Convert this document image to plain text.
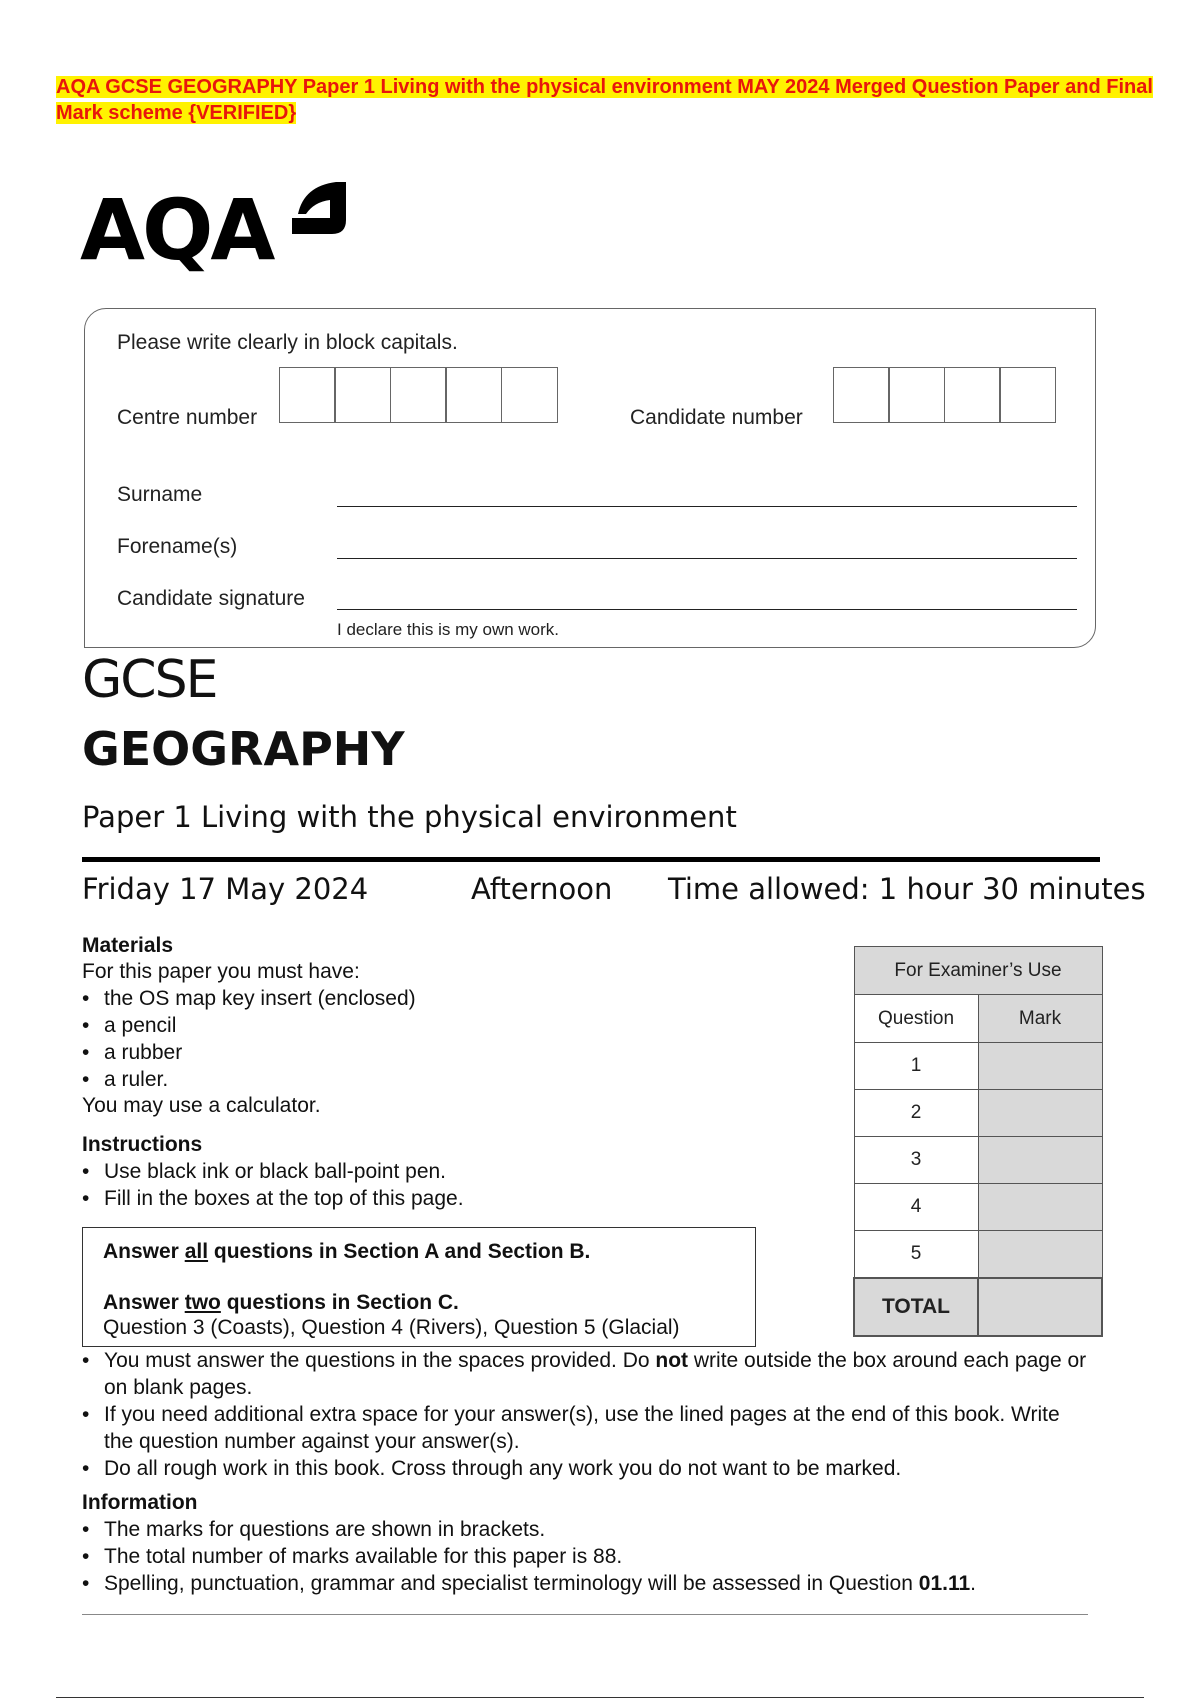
AQA GCSE GEOGRAPHY Paper 1 Living with the physical environment MAY 2024 Merged Question Paper and Final Mark scheme {VERIFIED}
AQA
Please write clearly in block capitals.
Centre number	Candidate number
Surname
Forename(s)
Candidate signature
I declare this is my own work.
GCSE
GEOGRAPHY
Paper 1 Living with the physical environment
Friday 17 May 2024	Afternoon Time allowed: 1 hour 30 minutes
Materials
For this paper you must have:
• the OS map key insert (enclosed)
• a pencil
• a rubber
• a ruler.
You may use a calculator.
Instructions
• Use black ink or black ball-point pen.
• Fill in the boxes at the top of this page.
Answer all questions in Section A and Section B.
Answer two questions in Section C.
Question 3 (Coasts), Question 4 (Rivers), Question 5 (Glacial)
• You must answer the questions in the spaces provided. Do not write outside the box around each page or on blank pages.
• If you need additional extra space for your answer(s), use the lined pages at the end of this book. Write the question number against your answer(s).
• Do all rough work in this book. Cross through any work you do not want to be marked.
Information
• The marks for questions are shown in brackets.
• The total number of marks available for this paper is 88.
• Spelling, punctuation, grammar and specialist terminology will be assessed in Question 01.11.
For Examiner’s Use	
Question	Mark
1	
2	
3	
4	
5	
TOTAL	
